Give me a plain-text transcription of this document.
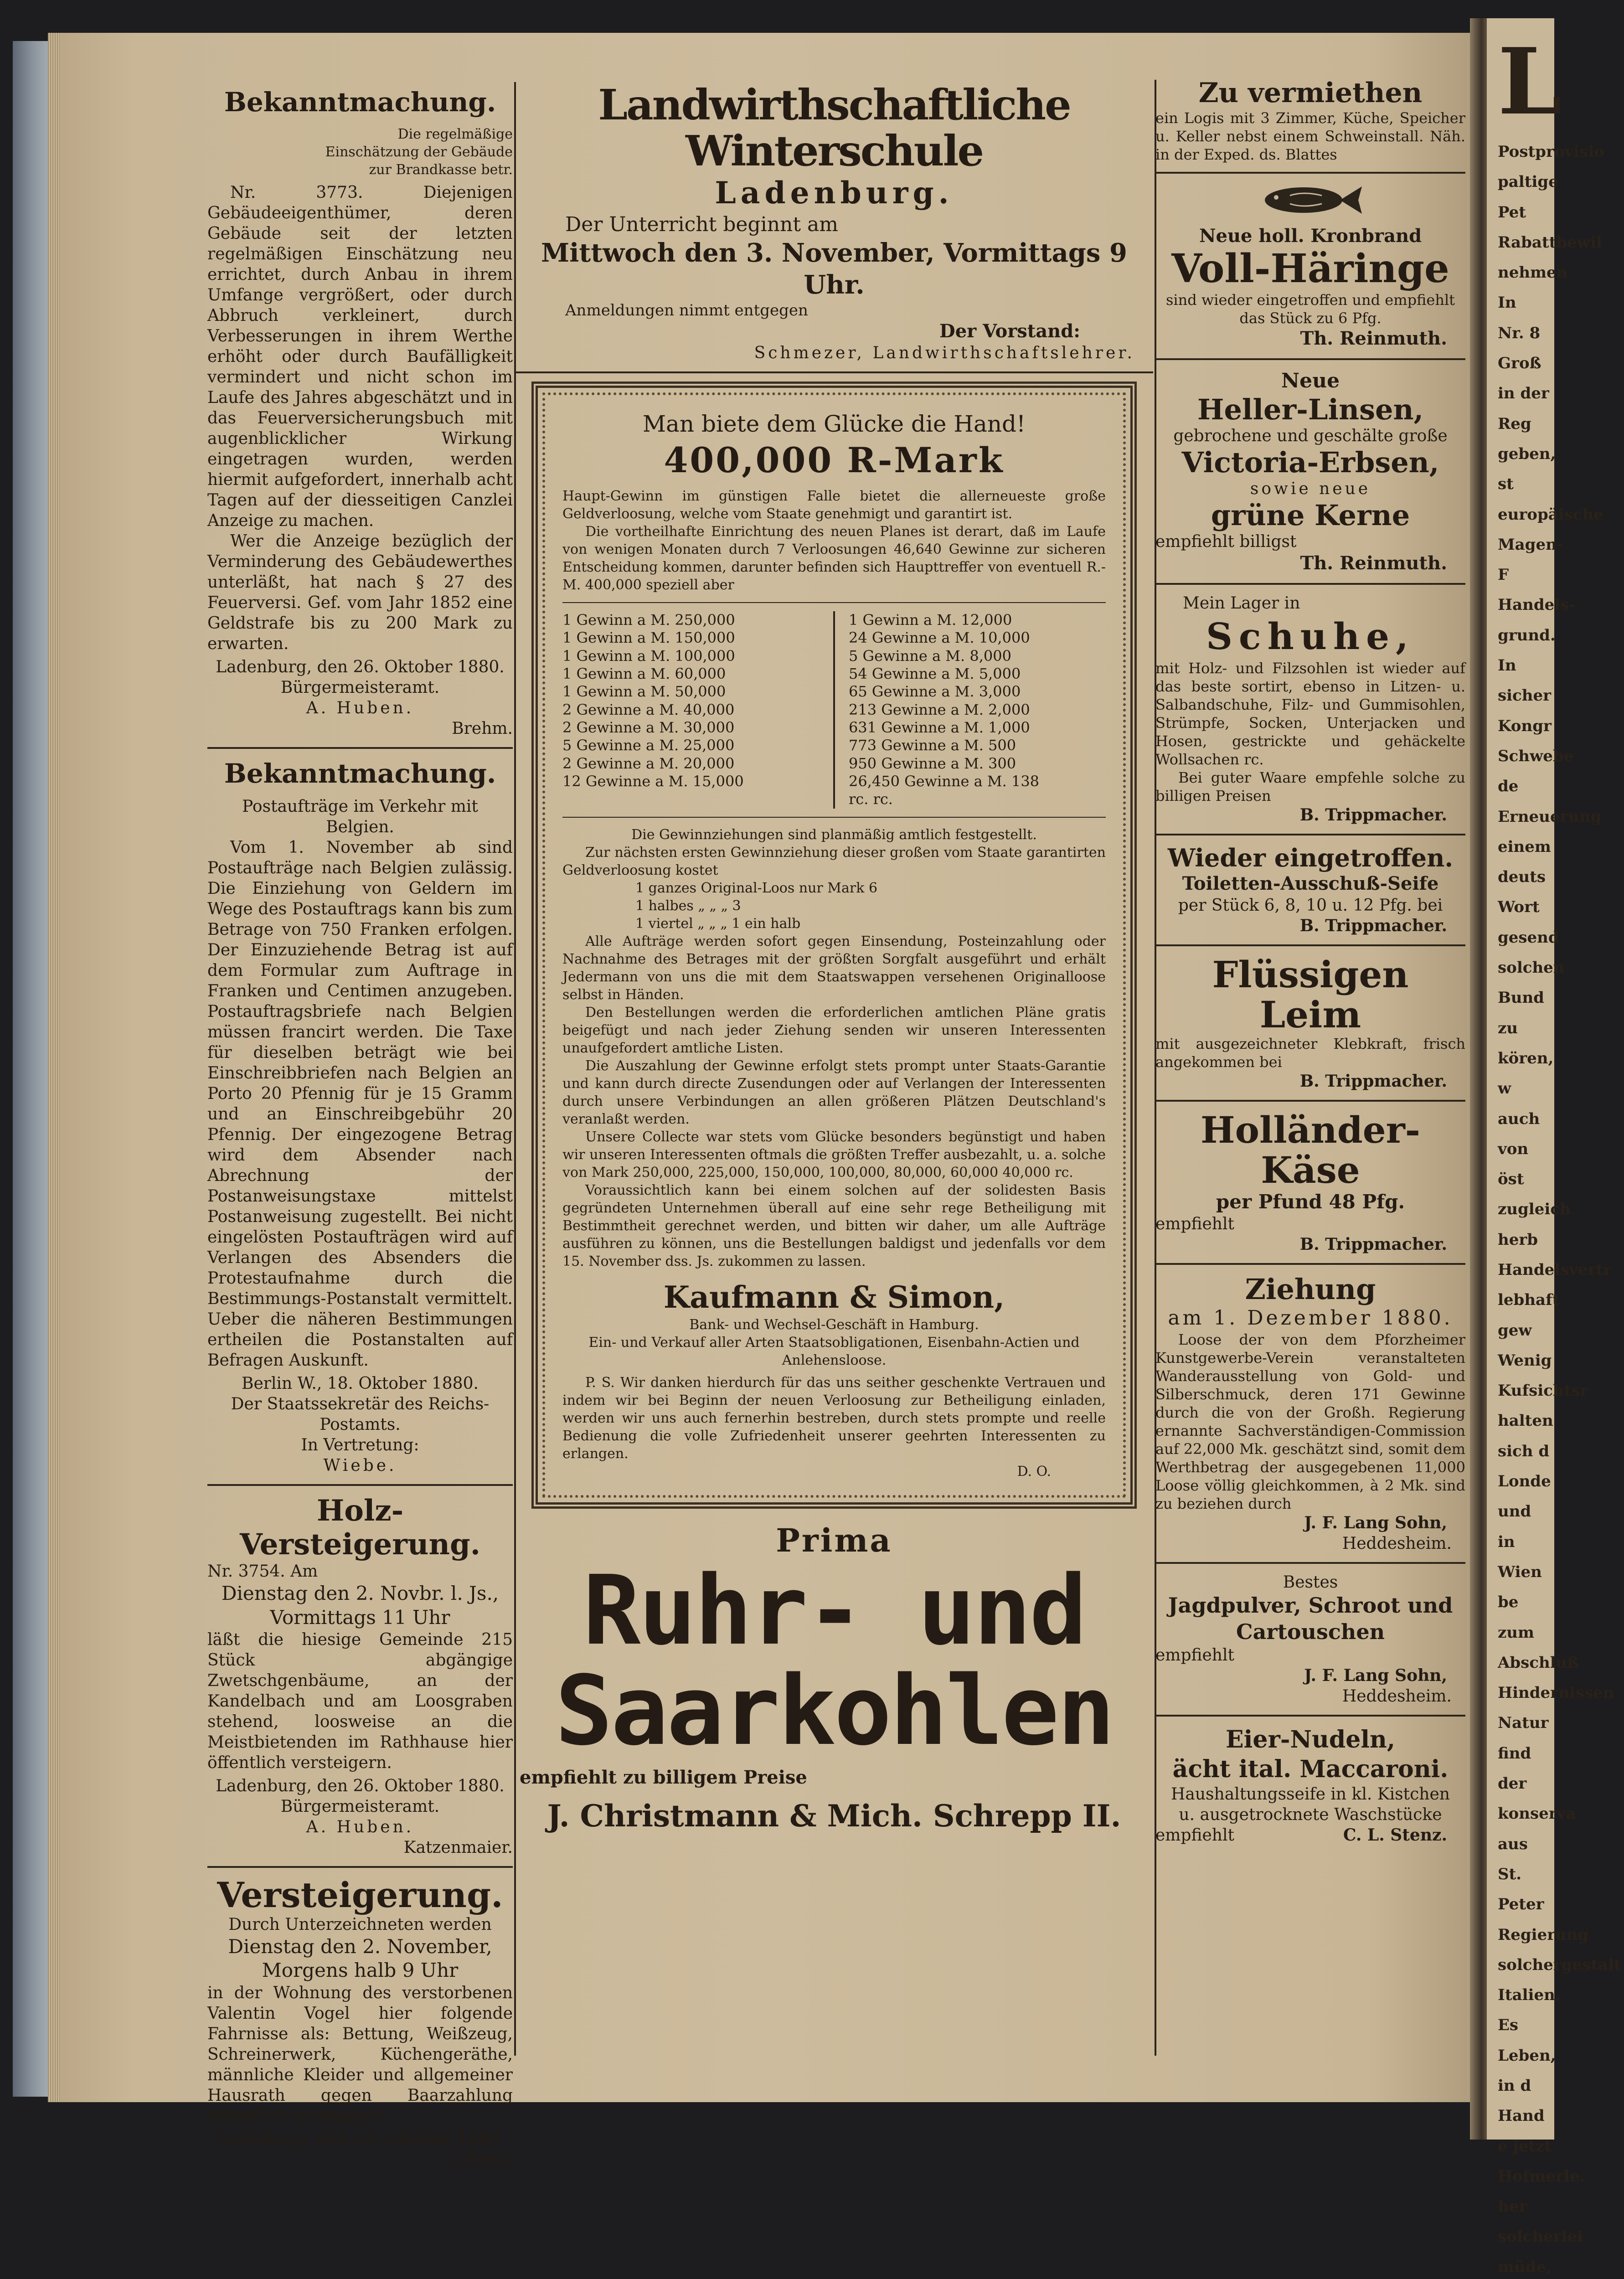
L
Postprovisio
paltige Pet
Rabattbewil
nehmen In
Nr. 8
Groß
in der Reg
geben, st
europäische
Magen-F
Handels-
grund. In
sicher Kongr
Schwebe de
Erneuerung
einem deuts
Wort gesend
solchen Bund
zu kören, w
auch von öst
zugleich herb
Handelsvertr
lebhaft gew
Wenig
Kufsichtsr
halten sich d
Londe und
in Wien be
zum Abschluß
Hindernissen
Natur find
der konserva
aus St. Peter
Regierung
solchergestalt
Italien. Es
Leben, in d
Hand e jetzt
Hofmerle.
her solcherlei
müde,
Bekanntmachung.
Die regelmäßige Einschätzung der Gebäude zur Brandkasse betr.
Nr. 3773. Diejenigen Gebäudeeigenthümer, deren Gebäude seit der letzten regelmäßigen Einschätzung neu errichtet, durch Anbau in ihrem Umfange vergrößert, oder durch Abbruch verkleinert, durch Verbesserungen in ihrem Werthe erhöht oder durch Baufälligkeit vermindert und nicht schon im Laufe des Jahres abgeschätzt und in das Feuerversicherungsbuch mit augenblicklicher Wirkung eingetragen wurden, werden hiermit aufgefordert, innerhalb acht Tagen auf der diesseitigen Canzlei Anzeige zu machen.
Wer die Anzeige bezüglich der Verminderung des Gebäudewerthes unterläßt, hat nach § 27 des Feuerversi. Gef. vom Jahr 1852 eine Geldstrafe bis zu 200 Mark zu erwarten.
Ladenburg, den 26. Oktober 1880.
Bürgermeisteramt.
A. Huben.
Brehm.
Bekanntmachung.
Postaufträge im Verkehr mit Belgien.
Vom 1. November ab sind Postaufträge nach Belgien zulässig. Die Einziehung von Geldern im Wege des Postauftrags kann bis zum Betrage von 750 Franken erfolgen. Der Einzuziehende Betrag ist auf dem Formular zum Auftrage in Franken und Centimen anzugeben. Postauftragsbriefe nach Belgien müssen francirt werden. Die Taxe für dieselben beträgt wie bei Einschreibbriefen nach Belgien an Porto 20 Pfennig für je 15 Gramm und an Einschreibgebühr 20 Pfennig. Der eingezogene Betrag wird dem Absender nach Abrechnung der Postanweisungstaxe mittelst Postanweisung zugestellt. Bei nicht eingelösten Postaufträgen wird auf Verlangen des Absenders die Protestaufnahme durch die Bestimmungs-Postanstalt vermittelt. Ueber die näheren Bestimmungen ertheilen die Postanstalten auf Befragen Auskunft.
Berlin W., 18. Oktober 1880.
Der Staatssekretär des Reichs-Postamts.
In Vertretung:
Wiebe.
Holz-
Versteigerung.
Nr. 3754. Am
Dienstag den 2. Novbr. l. Js.,
Vormittags 11 Uhr
läßt die hiesige Gemeinde 215 Stück abgängige Zwetschgenbäume, an der Kandelbach und am Loosgraben stehend, loosweise an die Meistbietenden im Rathhause hier öffentlich versteigern.
Ladenburg, den 26. Oktober 1880.
Bürgermeisteramt.
A. Huben.
Katzenmaier.
Versteigerung.
Durch Unterzeichneten werden
Dienstag den 2. November,
Morgens halb 9 Uhr
in der Wohnung des verstorbenen Valentin Vogel hier folgende Fahrnisse als: Bettung, Weißzeug, Schreinerwerk, Küchengeräthe, männliche Kleider und allgemeiner Hausrath gegen Baarzahlung öffentlich versteigert.
Ladenburg, den 29. Oktober 1880.
J. Benz.
Landwirthschaftliche Winterschule
Ladenburg.
Der Unterricht beginnt am
Mittwoch den 3. November, Vormittags 9 Uhr.
Anmeldungen nimmt entgegen
Der Vorstand:
Schmezer, Landwirthschaftslehrer.
Man biete dem Glücke die Hand!
400,000 R-Mark
Haupt-Gewinn im günstigen Falle bietet die allerneueste große Geldverloosung, welche vom Staate genehmigt und garantirt ist.
Die vortheilhafte Einrichtung des neuen Planes ist derart, daß im Laufe von wenigen Monaten durch 7 Verloosungen 46,640 Gewinne zur sicheren Entscheidung kommen, darunter befinden sich Haupttreffer von eventuell R.-M. 400,000 speziell aber
1 Gewinn a M. 250,000
1 Gewinn a M. 150,000
1 Gewinn a M. 100,000
1 Gewinn a M. 60,000
1 Gewinn a M. 50,000
2 Gewinne a M. 40,000
2 Gewinne a M. 30,000
5 Gewinne a M. 25,000
2 Gewinne a M. 20,000
12 Gewinne a M. 15,000
1 Gewinn a M. 12,000
24 Gewinne a M. 10,000
5 Gewinne a M. 8,000
54 Gewinne a M. 5,000
65 Gewinne a M. 3,000
213 Gewinne a M. 2,000
631 Gewinne a M. 1,000
773 Gewinne a M. 500
950 Gewinne a M. 300
26,450 Gewinne a M. 138
rc. rc.
Die Gewinnziehungen sind planmäßig amtlich festgestellt.
Zur nächsten ersten Gewinnziehung dieser großen vom Staate garantirten Geldverloosung kostet
1 ganzes Original-Loos nur Mark 6
1 halbes „ „ „ 3
1 viertel „ „ „ 1 ein halb
Alle Aufträge werden sofort gegen Einsendung, Posteinzahlung oder Nachnahme des Betrages mit der größten Sorgfalt ausgeführt und erhält Jedermann von uns die mit dem Staatswappen versehenen Originalloose selbst in Händen.
Den Bestellungen werden die erforderlichen amtlichen Pläne gratis beigefügt und nach jeder Ziehung senden wir unseren Interessenten unaufgefordert amtliche Listen.
Die Auszahlung der Gewinne erfolgt stets prompt unter Staats-Garantie und kann durch directe Zusendungen oder auf Verlangen der Interessenten durch unsere Verbindungen an allen größeren Plätzen Deutschland's veranlaßt werden.
Unsere Collecte war stets vom Glücke besonders begünstigt und haben wir unseren Interessenten oftmals die größten Treffer ausbezahlt, u. a. solche von Mark 250,000, 225,000, 150,000, 100,000, 80,000, 60,000 40,000 rc.
Voraussichtlich kann bei einem solchen auf der solidesten Basis gegründeten Unternehmen überall auf eine sehr rege Betheiligung mit Bestimmtheit gerechnet werden, und bitten wir daher, um alle Aufträge ausführen zu können, uns die Bestellungen baldigst und jedenfalls vor dem 15. November dss. Js. zukommen zu lassen.
Kaufmann & Simon,
Bank- und Wechsel-Geschäft in Hamburg.
Ein- und Verkauf aller Arten Staatsobligationen, Eisenbahn-Actien und Anlehensloose.
P. S. Wir danken hierdurch für das uns seither geschenkte Vertrauen und indem wir bei Beginn der neuen Verloosung zur Betheiligung einladen, werden wir uns auch fernerhin bestreben, durch stets prompte und reelle Bedienung die volle Zufriedenheit unserer geehrten Interessenten zu erlangen.
D. O.
Prima
Ruhr- und
Saarkohlen
empfiehlt zu billigem Preise
J. Christmann & Mich. Schrepp II.
Zu vermiethen
ein Logis mit 3 Zimmer, Küche, Speicher u. Keller nebst einem Schweinstall. Näh. in der Exped. ds. Blattes
Neue holl. Kronbrand
Voll-Häringe
sind wieder eingetroffen und empfiehlt das Stück zu 6 Pfg.
Th. Reinmuth.
Neue
Heller-Linsen,
gebrochene und geschälte große
Victoria-Erbsen,
sowie neue
grüne Kerne
empfiehlt billigst
Th. Reinmuth.
Mein Lager in
Schuhe,
mit Holz- und Filzsohlen ist wieder auf das beste sortirt, ebenso in Litzen- u. Salbandschuhe, Filz- und Gummisohlen, Strümpfe, Socken, Unterjacken und Hosen, gestrickte und gehäckelte Wollsachen rc.
Bei guter Waare empfehle solche zu billigen Preisen
B. Trippmacher.
Wieder eingetroffen.
Toiletten-Ausschuß-Seife
per Stück 6, 8, 10 u. 12 Pfg. bei
B. Trippmacher.
Flüssigen Leim
mit ausgezeichneter Klebkraft, frisch angekommen bei
B. Trippmacher.
Holländer-Käse
per Pfund 48 Pfg.
empfiehlt
B. Trippmacher.
Ziehung
am 1. Dezember 1880.
Loose der von dem Pforzheimer Kunstgewerbe-Verein veranstalteten Wanderausstellung von Gold- und Silberschmuck, deren 171 Gewinne durch die von der Großh. Regierung ernannte Sachverständigen-Commission auf 22,000 Mk. geschätzt sind, somit dem Werthbetrag der ausgegebenen 11,000 Loose völlig gleichkommen, à 2 Mk. sind zu beziehen durch
J. F. Lang Sohn,
Heddesheim.
Bestes
Jagdpulver, Schroot und
Cartouschen
empfiehlt
J. F. Lang Sohn,
Heddesheim.
Eier-Nudeln,
ächt ital. Maccaroni.
Haushaltungsseife in kl. Kistchen
u. ausgetrocknete Waschstücke
empfiehlt	C. L. Stenz.
